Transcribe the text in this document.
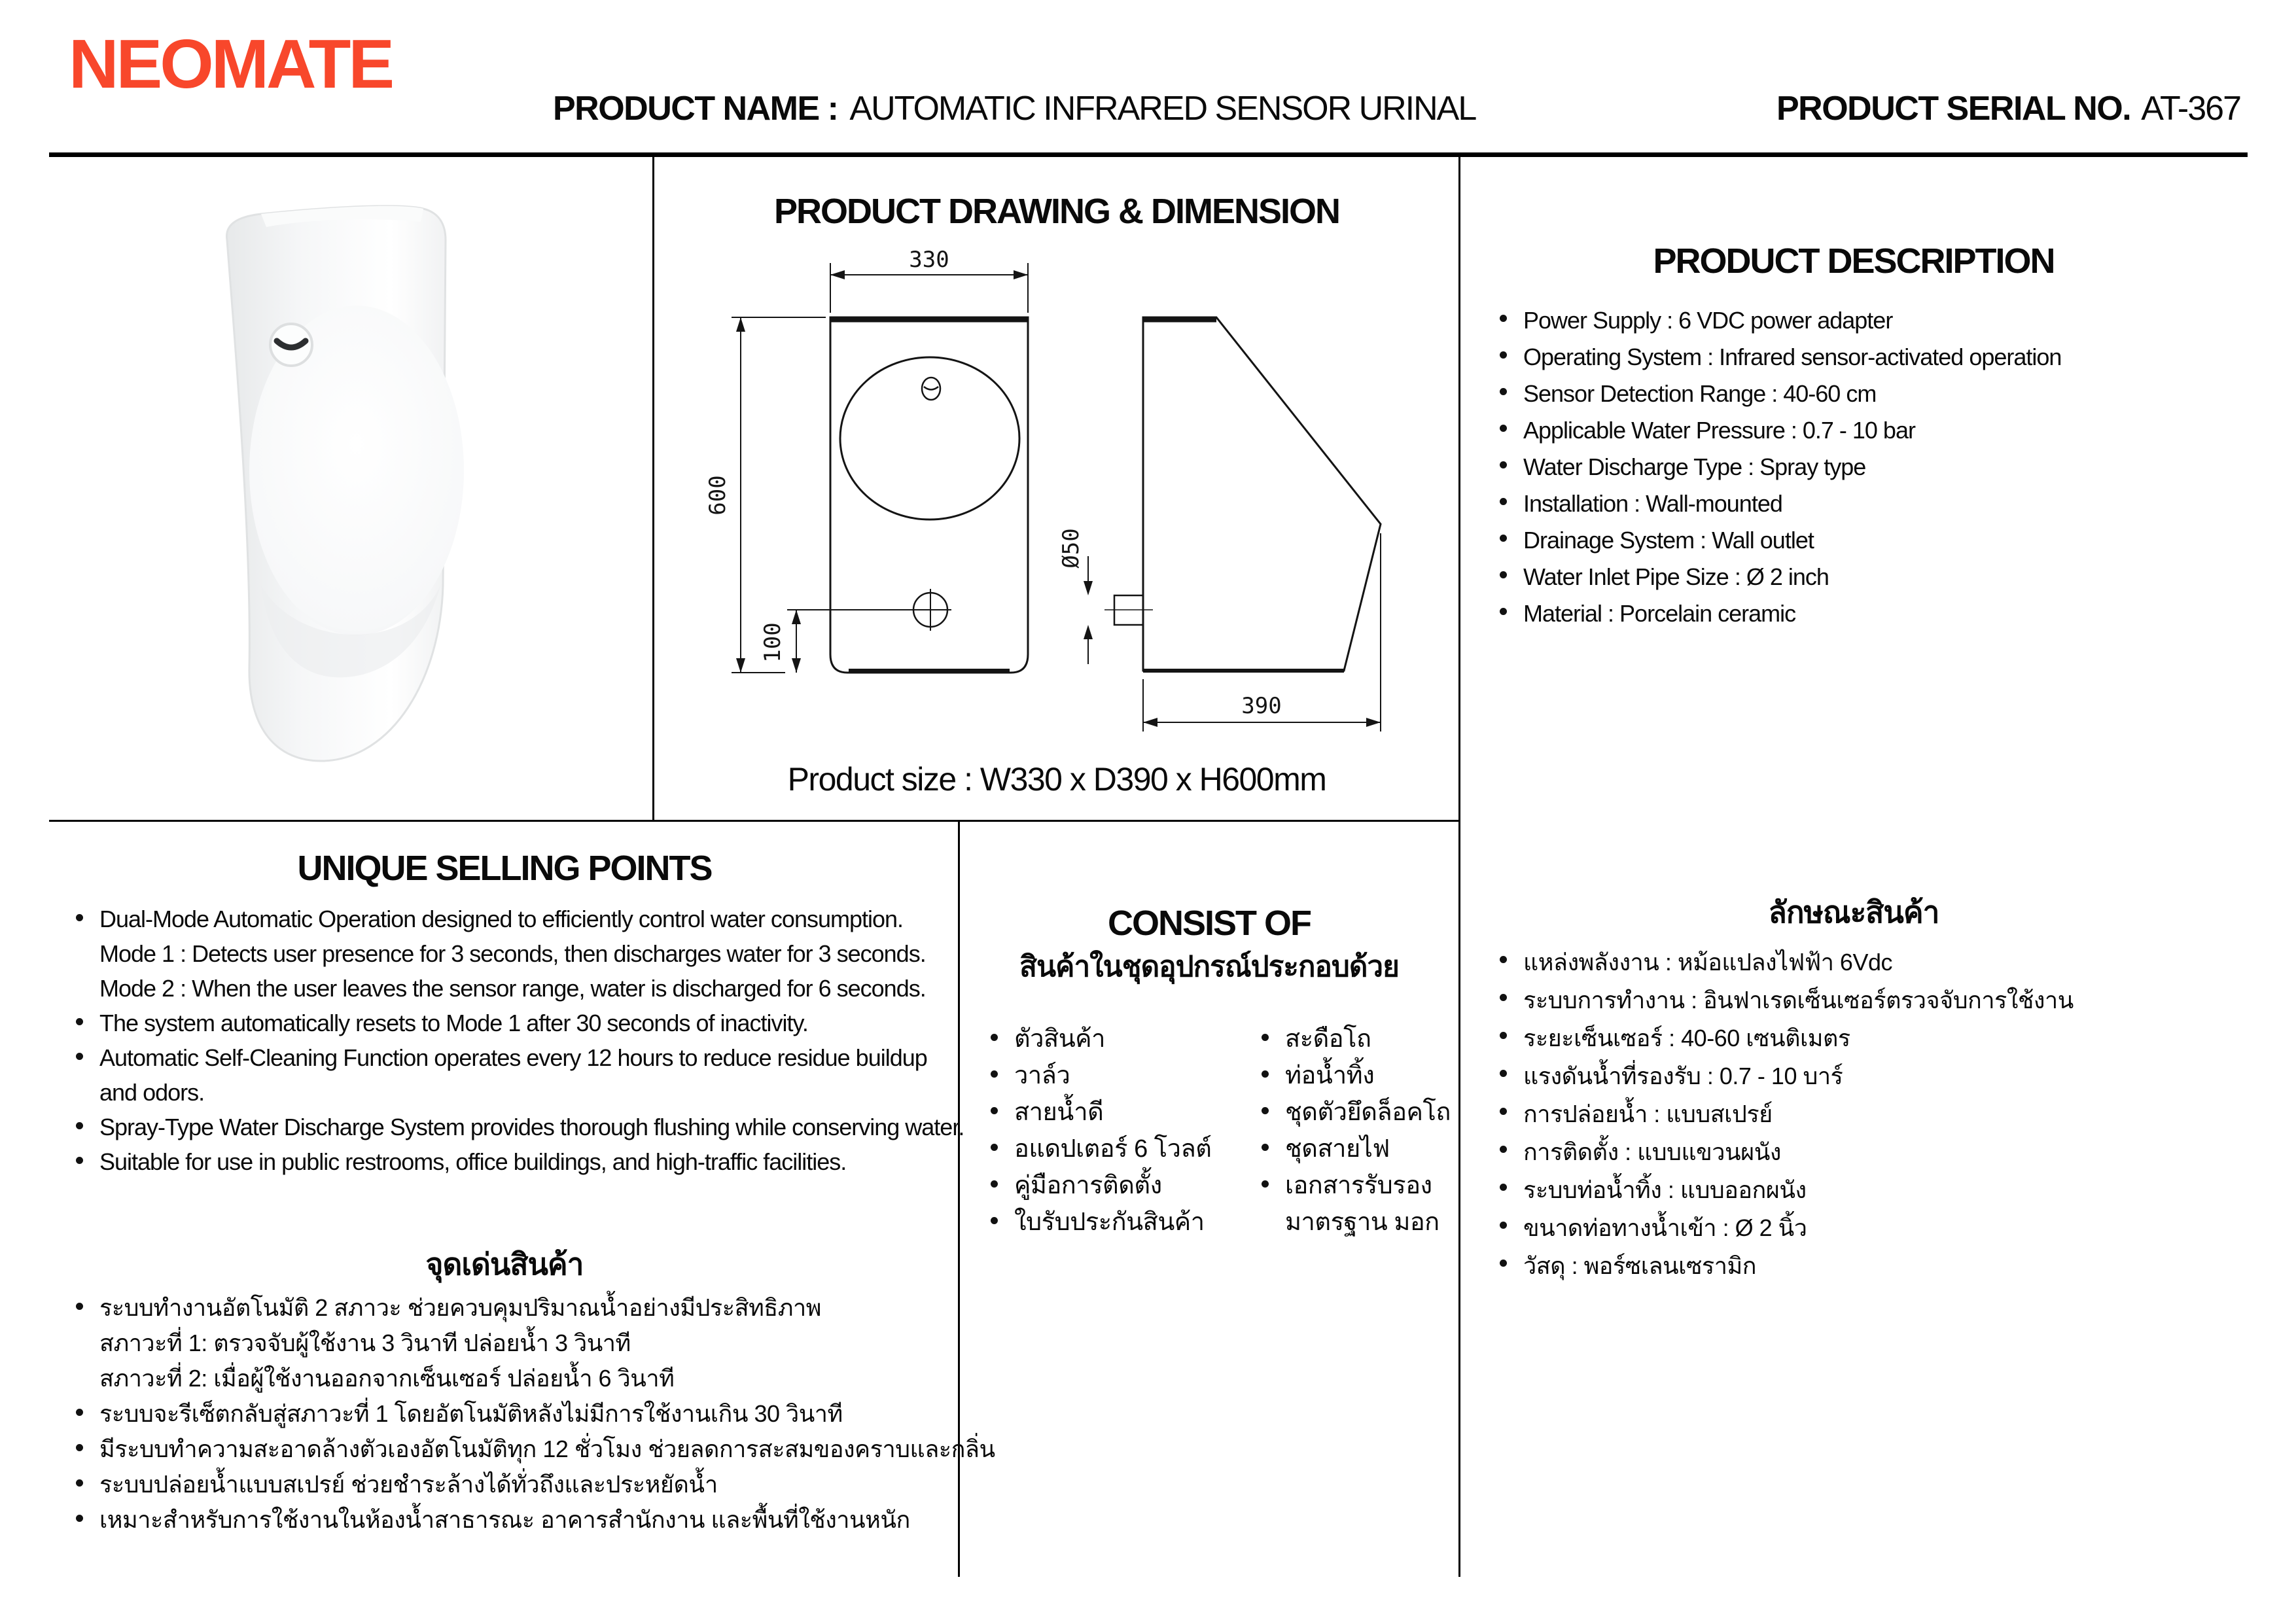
NEOMATE
PRODUCT NAME : AUTOMATIC INFRARED SENSOR URINAL	PRODUCT SERIAL NO. AT-367
PRODUCT DRAWING & DIMENSION
330
600
100
Ø50
390
Product size : W330 x D390 x H600mm
PRODUCT DESCRIPTION
Power Supply : 6 VDC power adapter
Operating System : Infrared sensor-activated operation
Sensor Detection Range : 40-60 cm
Applicable Water Pressure : 0.7 - 10 bar
Water Discharge Type : Spray type
Installation : Wall-mounted
Drainage System : Wall outlet
Water Inlet Pipe Size : Ø 2 inch
Material : Porcelain ceramic
UNIQUE SELLING POINTS
Dual-Mode Automatic Operation designed to efficiently control water consumption.
Mode 1 : Detects user presence for 3 seconds, then discharges water for 3 seconds.
Mode 2 : When the user leaves the sensor range, water is discharged for 6 seconds.
The system automatically resets to Mode 1 after 30 seconds of inactivity.
Automatic Self-Cleaning Function operates every 12 hours to reduce residue buildup and odors.
Spray-Type Water Discharge System provides thorough flushing while conserving water.
Suitable for use in public restrooms, office buildings, and high-traffic facilities.
จุดเด่นสินค้า
ระบบทำงานอัตโนมัติ 2 สภาวะ ช่วยควบคุมปริมาณน้ำอย่างมีประสิทธิภาพ
สภาวะที่ 1: ตรวจจับผู้ใช้งาน 3 วินาที ปล่อยน้ำ 3 วินาที
สภาวะที่ 2: เมื่อผู้ใช้งานออกจากเซ็นเซอร์ ปล่อยน้ำ 6 วินาที
ระบบจะรีเซ็ตกลับสู่สภาวะที่ 1 โดยอัตโนมัติหลังไม่มีการใช้งานเกิน 30 วินาที
มีระบบทำความสะอาดล้างตัวเองอัตโนมัติทุก 12 ชั่วโมง ช่วยลดการสะสมของคราบและกลิ่น
ระบบปล่อยน้ำแบบสเปรย์ ช่วยชำระล้างได้ทั่วถึงและประหยัดน้ำ
เหมาะสำหรับการใช้งานในห้องน้ำสาธารณะ อาคารสำนักงาน และพื้นที่ใช้งานหนัก
CONSIST OF
สินค้าในชุดอุปกรณ์ประกอบด้วย
ตัวสินค้า
วาล์ว
สายน้ำดี
อแดปเตอร์ 6 โวลต์
คู่มือการติดตั้ง
ใบรับประกันสินค้า
สะดือโถ
ท่อน้ำทิ้ง
ชุดตัวยึดล็อคโถ
ชุดสายไฟ
เอกสารรับรอง มาตรฐาน มอก
ลักษณะสินค้า
แหล่งพลังงาน : หม้อแปลงไฟฟ้า 6Vdc
ระบบการทำงาน : อินฟาเรดเซ็นเซอร์ตรวจจับการใช้งาน
ระยะเซ็นเซอร์ : 40-60 เซนติเมตร
แรงดันน้ำที่รองรับ : 0.7 - 10 บาร์
การปล่อยน้ำ : แบบสเปรย์
การติดตั้ง : แบบแขวนผนัง
ระบบท่อน้ำทิ้ง : แบบออกผนัง
ขนาดท่อทางน้ำเข้า : Ø 2 นิ้ว
วัสดุ : พอร์ซเลนเซรามิก
